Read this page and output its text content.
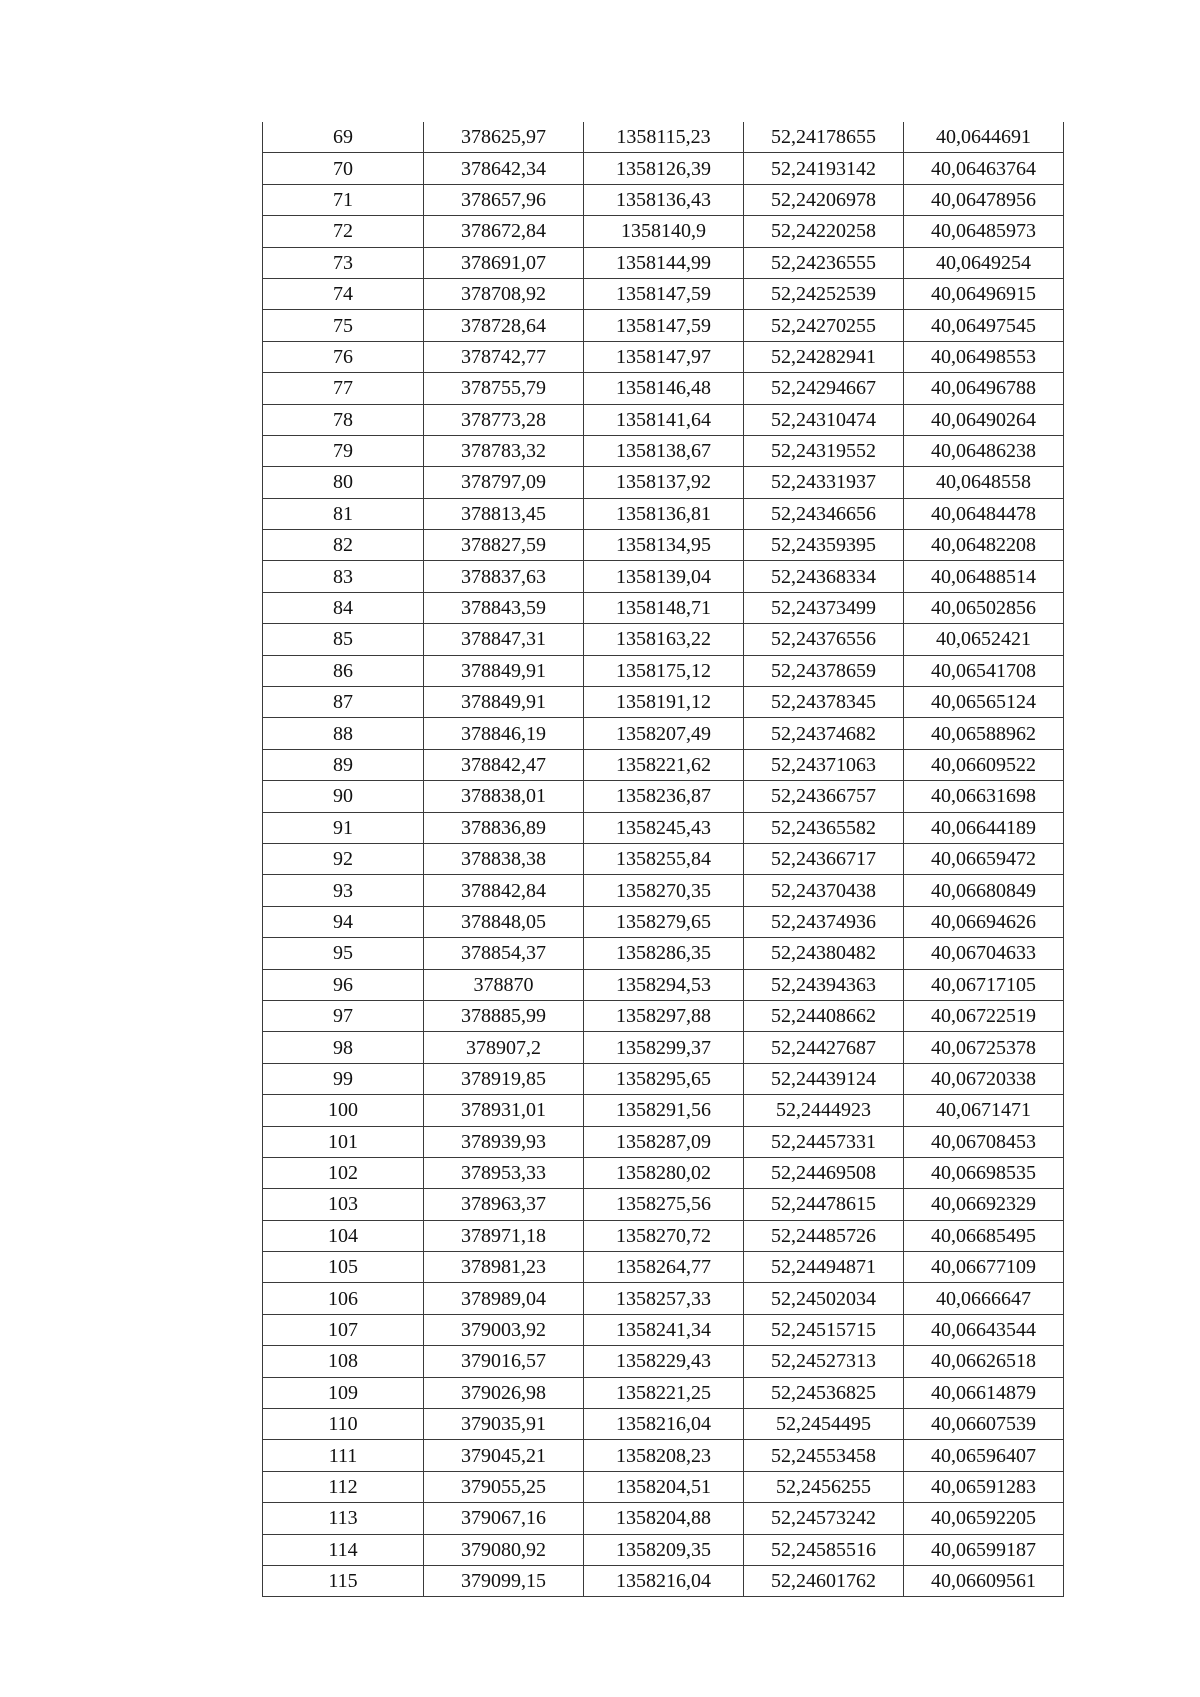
69	378625,97	1358115,23	52,24178655	40,0644691
70	378642,34	1358126,39	52,24193142	40,06463764
71	378657,96	1358136,43	52,24206978	40,06478956
72	378672,84	1358140,9	52,24220258	40,06485973
73	378691,07	1358144,99	52,24236555	40,0649254
74	378708,92	1358147,59	52,24252539	40,06496915
75	378728,64	1358147,59	52,24270255	40,06497545
76	378742,77	1358147,97	52,24282941	40,06498553
77	378755,79	1358146,48	52,24294667	40,06496788
78	378773,28	1358141,64	52,24310474	40,06490264
79	378783,32	1358138,67	52,24319552	40,06486238
80	378797,09	1358137,92	52,24331937	40,0648558
81	378813,45	1358136,81	52,24346656	40,06484478
82	378827,59	1358134,95	52,24359395	40,06482208
83	378837,63	1358139,04	52,24368334	40,06488514
84	378843,59	1358148,71	52,24373499	40,06502856
85	378847,31	1358163,22	52,24376556	40,0652421
86	378849,91	1358175,12	52,24378659	40,06541708
87	378849,91	1358191,12	52,24378345	40,06565124
88	378846,19	1358207,49	52,24374682	40,06588962
89	378842,47	1358221,62	52,24371063	40,06609522
90	378838,01	1358236,87	52,24366757	40,06631698
91	378836,89	1358245,43	52,24365582	40,06644189
92	378838,38	1358255,84	52,24366717	40,06659472
93	378842,84	1358270,35	52,24370438	40,06680849
94	378848,05	1358279,65	52,24374936	40,06694626
95	378854,37	1358286,35	52,24380482	40,06704633
96	378870	1358294,53	52,24394363	40,06717105
97	378885,99	1358297,88	52,24408662	40,06722519
98	378907,2	1358299,37	52,24427687	40,06725378
99	378919,85	1358295,65	52,24439124	40,06720338
100	378931,01	1358291,56	52,2444923	40,0671471
101	378939,93	1358287,09	52,24457331	40,06708453
102	378953,33	1358280,02	52,24469508	40,06698535
103	378963,37	1358275,56	52,24478615	40,06692329
104	378971,18	1358270,72	52,24485726	40,06685495
105	378981,23	1358264,77	52,24494871	40,06677109
106	378989,04	1358257,33	52,24502034	40,0666647
107	379003,92	1358241,34	52,24515715	40,06643544
108	379016,57	1358229,43	52,24527313	40,06626518
109	379026,98	1358221,25	52,24536825	40,06614879
110	379035,91	1358216,04	52,2454495	40,06607539
111	379045,21	1358208,23	52,24553458	40,06596407
112	379055,25	1358204,51	52,2456255	40,06591283
113	379067,16	1358204,88	52,24573242	40,06592205
114	379080,92	1358209,35	52,24585516	40,06599187
115	379099,15	1358216,04	52,24601762	40,06609561
